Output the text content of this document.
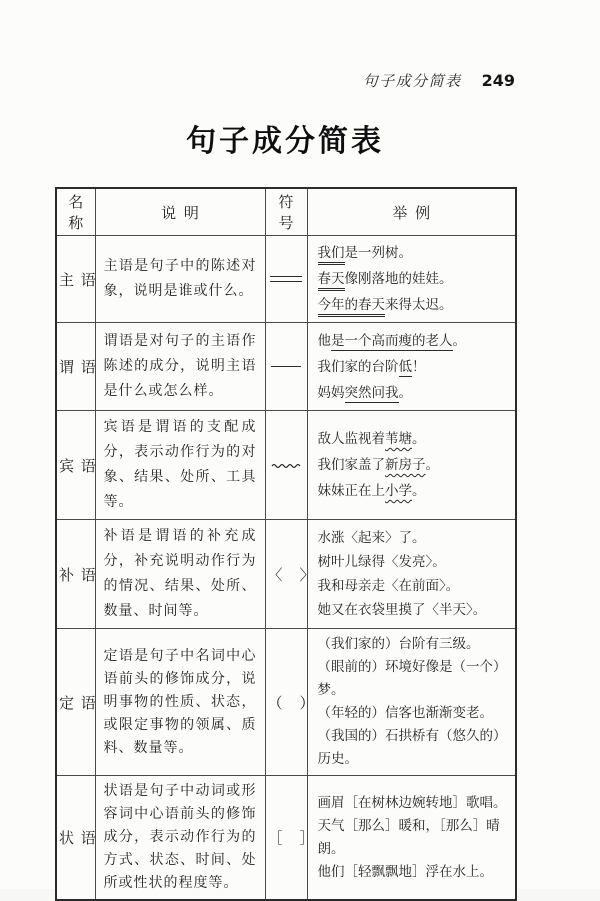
句子成分简表 249
句子成分简表
名 称	说 明	符 号	举 例
主 语	主语是句子中的陈述对象，说明是谁或什么。		我们是一列树。
春天像刚落地的娃娃。
今年的春天来得太迟。

谓 语	谓语是对句子的主语作陈述的成分，说明主语是什么或怎么样。		他是一个高而瘦的老人。
我们家的台阶低！
妈妈突然问我。

宾 语	宾语是谓语的支配成分，表示动作行为的对象、结果、处所、工具等。		敌人监视着苇塘。
我们家盖了新房子。
妹妹正在上小学。

补 语	补语是谓语的补充成分，补充说明动作行为的情况、结果、处所、数量、时间等。	〈　〉	水涨〈起来〉了。
树叶儿绿得〈发亮〉。
我和母亲走〈在前面〉。
她又在衣袋里摸了〈半天〉。

定 语	定语是句子中名词中心语前头的修饰成分，说明事物的性质、状态，或限定事物的领属、质料、数量等。	（　）	（我们家的）台阶有三级。
（眼前的）环境好像是（一个）梦。
（年轻的）信客也渐渐变老。
（我国的）石拱桥有（悠久的）历史。

状 语	状语是句子中动词或形容词中心语前头的修饰成分，表示动作行为的方式、状态、时间、处所或性状的程度等。	［　］	画眉［在树林边婉转地］歌唱。
天气［那么］暖和，［那么］晴朗。
他们［轻飘飘地］浮在水上。
